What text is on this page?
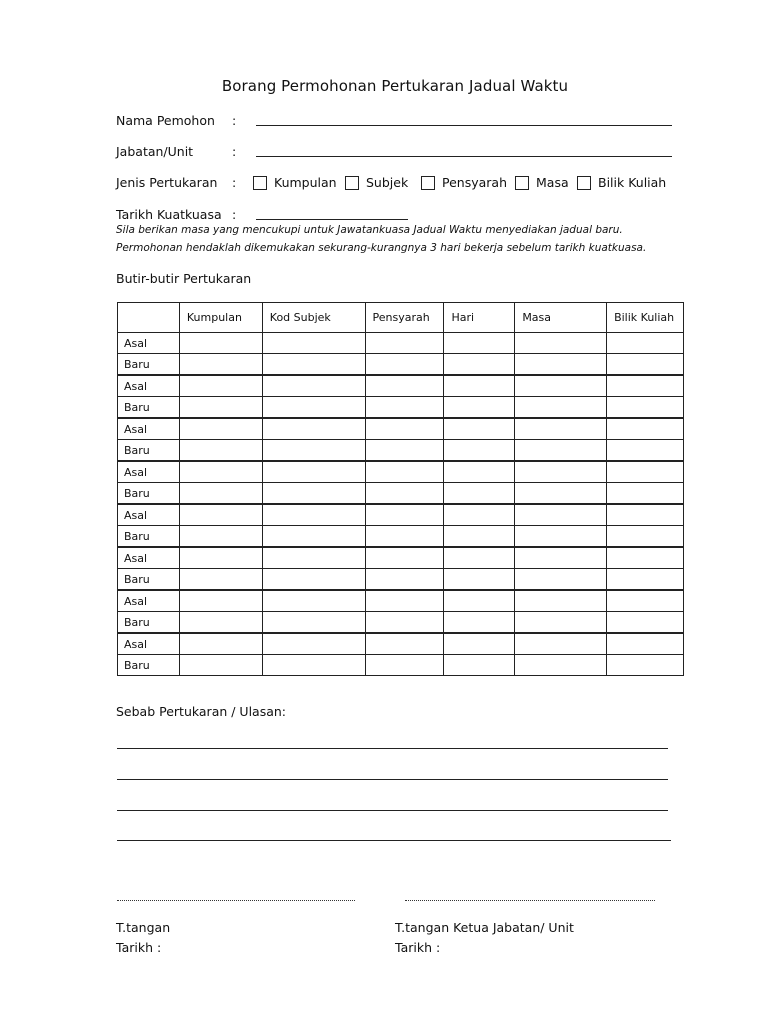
Borang Permohonan Pertukaran Jadual Waktu
Nama Pemohon :
Jabatan/Unit	:
Jenis Pertukaran :	Kumpulan Subjek	Pensyarah Masa Bilik Kuliah
Tarikh Kuatkuasa :
Sila berikan masa yang mencukupi untuk Jawatankuasa Jadual Waktu menyediakan jadual baru.
Permohonan hendaklah dikemukakan sekurang-kurangnya 3 hari bekerja sebelum tarikh kuatkuasa.
Butir-butir Pertukaran
	Kumpulan	Kod Subjek	Pensyarah	Hari	Masa	Bilik Kuliah
Asal						
Baru						
Asal						
Baru						
Asal						
Baru						
Asal						
Baru						
Asal						
Baru						
Asal						
Baru						
Asal						
Baru						
Asal						
Baru						
Sebab Pertukaran / Ulasan:
T.tangan
Tarikh :
T.tangan Ketua Jabatan/ Unit
Tarikh :
